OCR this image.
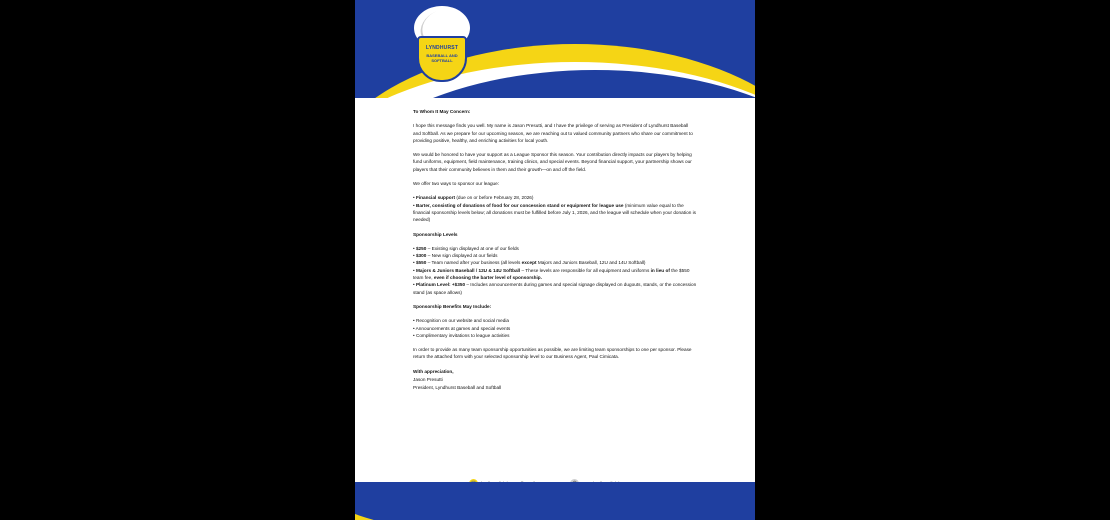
LYNDHURST
BASEBALL AND SOFTBALL

To Whom It May Concern:

I hope this message finds you well. My name is Jason Presutti, and I have the privilege of serving as President of Lyndhurst Baseball and Softball. As we prepare for our upcoming season, we are reaching out to valued community partners who share our commitment to providing positive, healthy, and enriching activities for local youth.

We would be honored to have your support as a League Sponsor this season. Your contribution directly impacts our players by helping fund uniforms, equipment, field maintenance, training clinics, and special events. Beyond financial support, your partnership shows our players that their community believes in them and their growth—on and off the field.

We offer two ways to sponsor our league:

• Financial support (due on or before February 28, 2026)

• Barter, consisting of donations of food for our concession stand or equipment for league use (minimum value equal to the financial sponsorship levels below; all donations must be fulfilled before July 1, 2026, and the league will schedule when your donation is needed)

Sponsorship Levels

• $250 – Existing sign displayed at one of our fields

• $300 – New sign displayed at our fields

• $550 – Team named after your business (all levels except Majors and Juniors Baseball, 12U and 14U Softball)

• Majors & Juniors Baseball / 12U & 14U Softball – These levels are responsible for all equipment and uniforms in lieu of the $550 team fee, even if choosing the barter level of sponsorship.

• Platinum Level: +$350 – Includes announcements during games and special signage displayed on dugouts, stands, or the concession stand (as space allows)

Sponsorship Benefits May Include:

• Recognition on our website and social media

• Announcements at games and special events

• Complimentary invitations to league activities

In order to provide as many team sponsorship opportunities as possible, we are limiting team sponsorships to one per sponsor. Please return the attached form with your selected sponsorship level to our Business Agent, Paul Cimicata.

With appreciation,

Jason Presutti

President, Lyndhurst Baseball and Softball
